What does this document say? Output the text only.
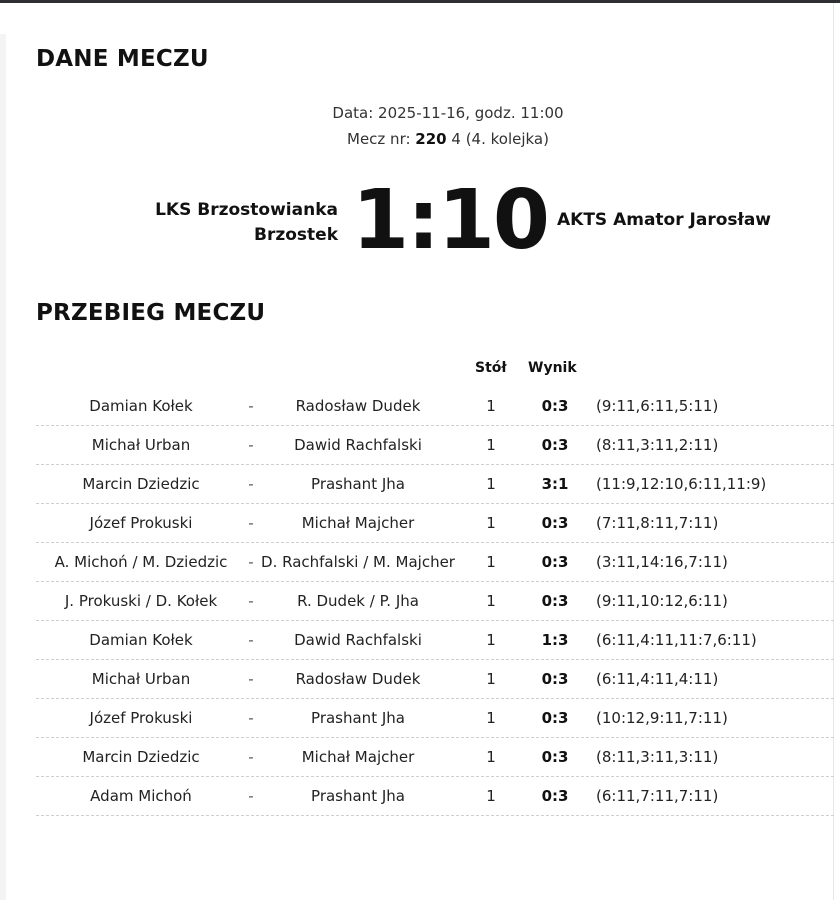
DANE MECZU
Data: 2025-11-16, godz. 11:00
Mecz nr: 220 4 (4. kolejka)
LKS Brzostowianka
Brzostek 1:10 AKTS Amator Jarosław
PRZEBIEG MECZU
Stół Wynik
Damian Kołek	-	Radosław Dudek	1	0:3	(9:11,6:11,5:11)
Michał Urban	-	Dawid Rachfalski	1	0:3	(8:11,3:11,2:11)
Marcin Dziedzic	-	Prashant Jha	1	3:1	(11:9,12:10,6:11,11:9)
Józef Prokuski	-	Michał Majcher	1	0:3	(7:11,8:11,7:11)
A. Michoń / M. Dziedzic	- D. Rachfalski / M. Majcher	1	0:3	(3:11,14:16,7:11)
J. Prokuski / D. Kołek	-	R. Dudek / P. Jha	1	0:3	(9:11,10:12,6:11)
Damian Kołek	-	Dawid Rachfalski	1	1:3	(6:11,4:11,11:7,6:11)
Michał Urban	-	Radosław Dudek	1	0:3	(6:11,4:11,4:11)
Józef Prokuski	-	Prashant Jha	1	0:3	(10:12,9:11,7:11)
Marcin Dziedzic	-	Michał Majcher	1	0:3	(8:11,3:11,3:11)
Adam Michoń	-	Prashant Jha	1	0:3	(6:11,7:11,7:11)
